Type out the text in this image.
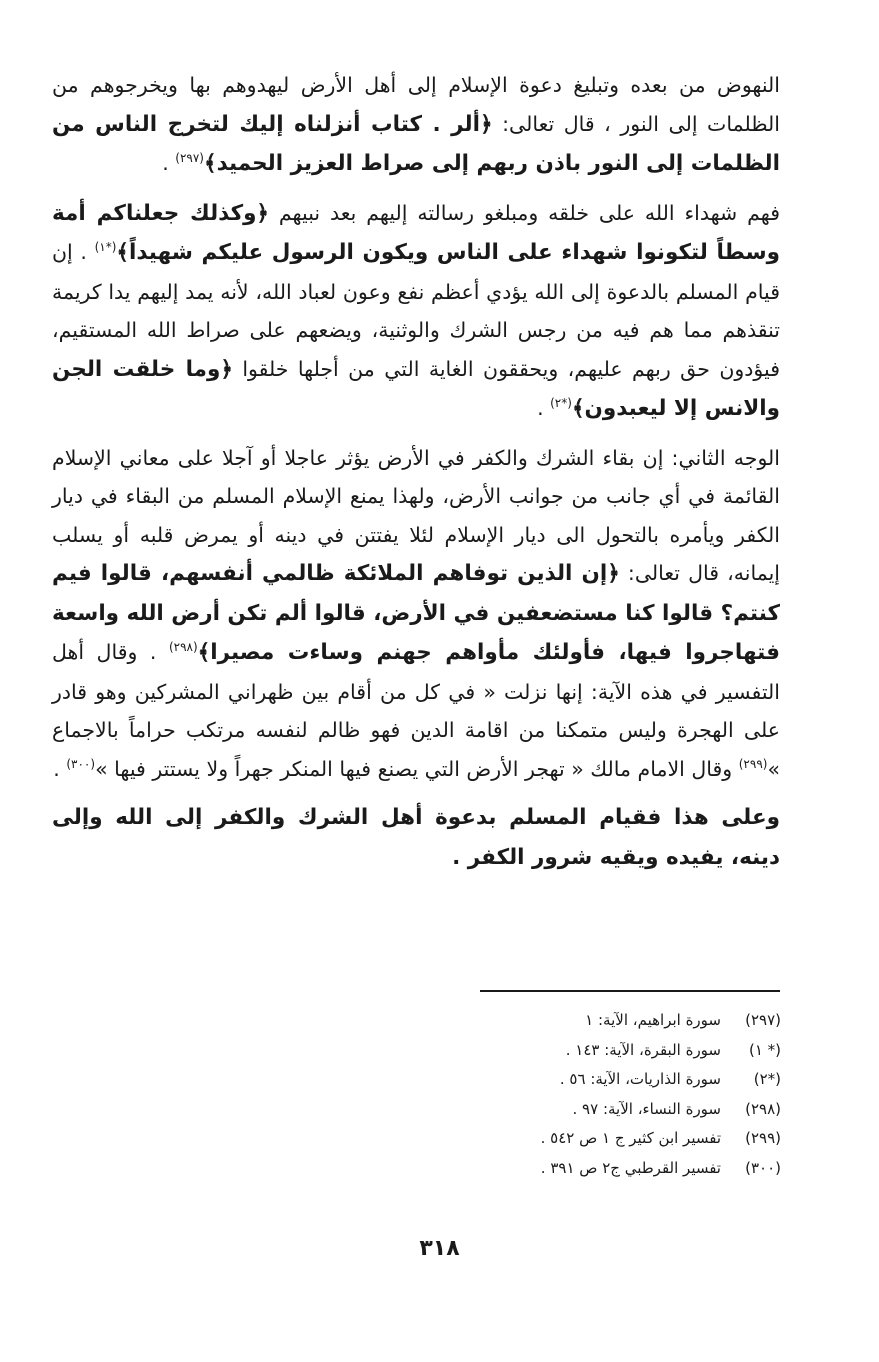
النهوض من بعده وتبليغ دعوة الإسلام إلى أهل الأرض ليهدوهم بها ويخرجوهم من الظلمات إلى النور ، قال تعالى: ﴿ألر . كتاب أنزلناه إليك لتخرج الناس من الظلمات إلى النور باذن ربهم إلى صراط العزيز الحميد﴾$^{(٢٩٧)}$ .

فهم شهداء الله على خلقه ومبلغو رسالته إليهم بعد نبيهم ﴿وكذلك جعلناكم أمة وسطاً لتكونوا شهداء على الناس ويكون الرسول عليكم شهيداً﴾$^{(*١)}$ . إن قيام المسلم بالدعوة إلى الله يؤدي أعظم نفع وعون لعباد الله، لأنه يمد إليهم يدا كريمة تنقذهم مما هم فيه من رجس الشرك والوثنية، ويضعهم على صراط الله المستقيم، فيؤدون حق ربهم عليهم، ويحققون الغاية التي من أجلها خلقوا ﴿وما خلقت الجن والانس إلا ليعبدون﴾$^{(*٢)}$ .

الوجه الثاني: إن بقاء الشرك والكفر في الأرض يؤثر عاجلا أو آجلا على معاني الإسلام القائمة في أي جانب من جوانب الأرض، ولهذا يمنع الإسلام المسلم من البقاء في ديار الكفر ويأمره بالتحول الى ديار الإسلام لئلا يفتتن في دينه أو يمرض قلبه أو يسلب إيمانه، قال تعالى: ﴿إن الذين توفاهم الملائكة ظالمي أنفسهم، قالوا فيم كنتم؟ قالوا كنا مستضعفين في الأرض، قالوا ألم تكن أرض الله واسعة فتهاجروا فيها، فأولئك مأواهم جهنم وساءت مصيرا﴾$^{(٢٩٨)}$ . وقال أهل التفسير في هذه الآية: إنها نزلت « في كل من أقام بين ظهراني المشركين وهو قادر على الهجرة وليس متمكنا من اقامة الدين فهو ظالم لنفسه مرتكب حراماً بالاجماع »$^{(٢٩٩)}$ وقال الامام مالك « تهجر الأرض التي يصنع فيها المنكر جهراً ولا يستتر فيها »$^{(٣٠٠)}$ .

وعلى هذا فقيام المسلم بدعوة أهل الشرك والكفر إلى الله وإلى دينه، يفيده ويقيه شرور الكفر .

(٢٩٧)سورة ابراهيم، الآية: ١
(* ١)سورة البقرة، الآية: ١٤٣ .
(*٢)سورة الذاريات، الآية: ٥٦ .
(٢٩٨)سورة النساء، الآية: ٩٧ .
(٢٩٩)تفسير ابن كثير ج ١ ص ٥٤٢ .
(٣٠٠)تفسير القرطبي ج٢ ص ٣٩١ .
٣١٨
